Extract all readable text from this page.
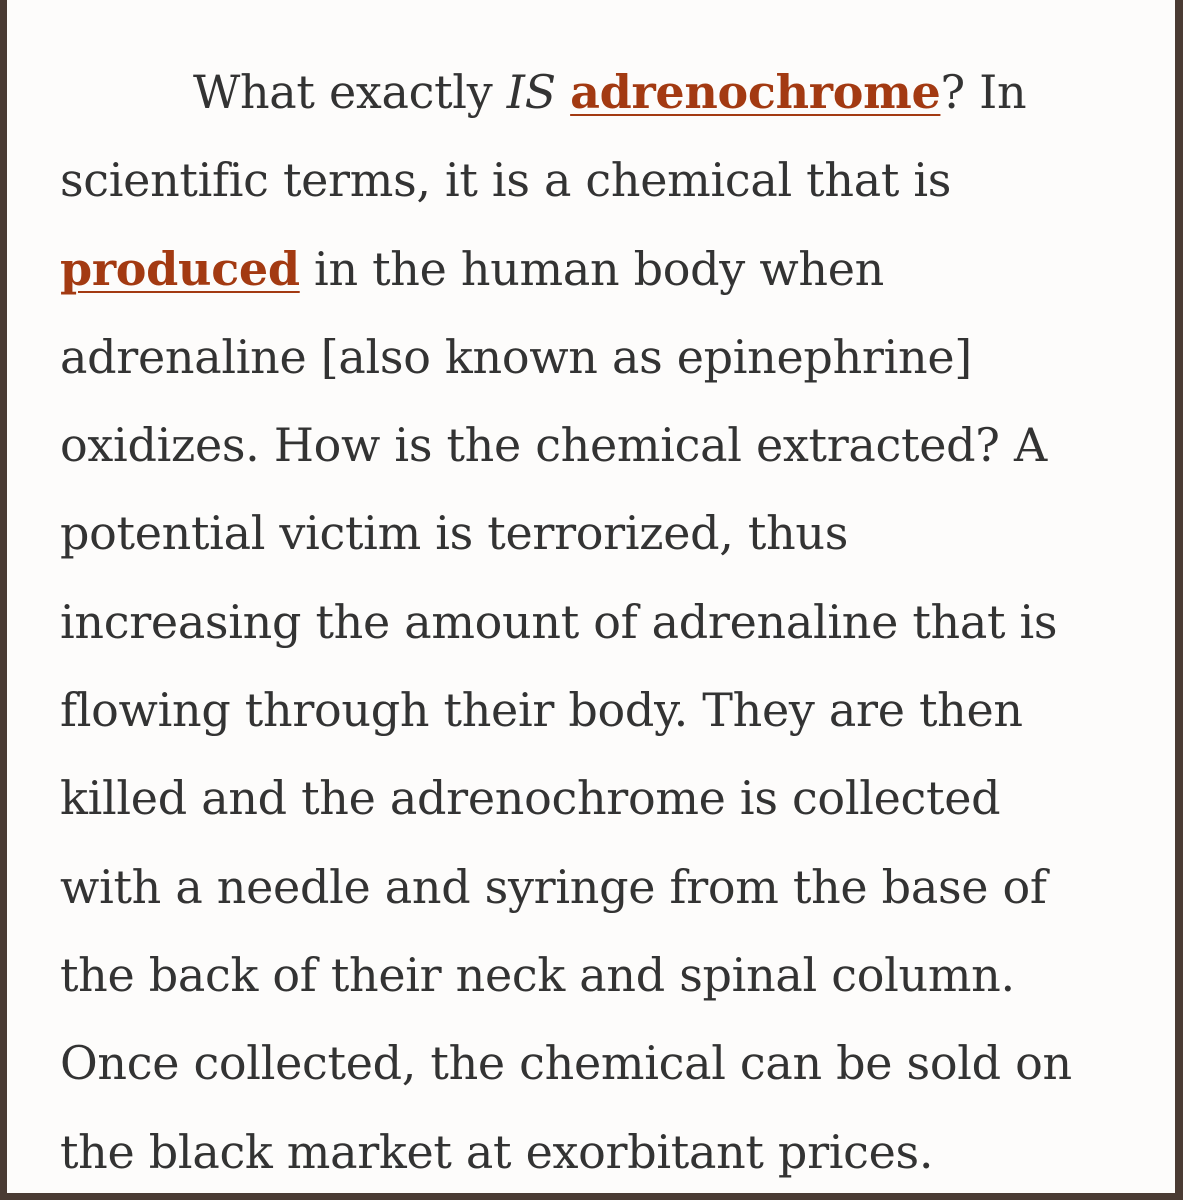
What exactly IS adrenochrome? In
scientific terms, it is a chemical that is
produced in the human body when
adrenaline [also known as epinephrine]
oxidizes. How is the chemical extracted? A
potential victim is terrorized, thus
increasing the amount of adrenaline that is
flowing through their body. They are then
killed and the adrenochrome is collected
with a needle and syringe from the base of
the back of their neck and spinal column.
Once collected, the chemical can be sold on
the black market at exorbitant prices.
